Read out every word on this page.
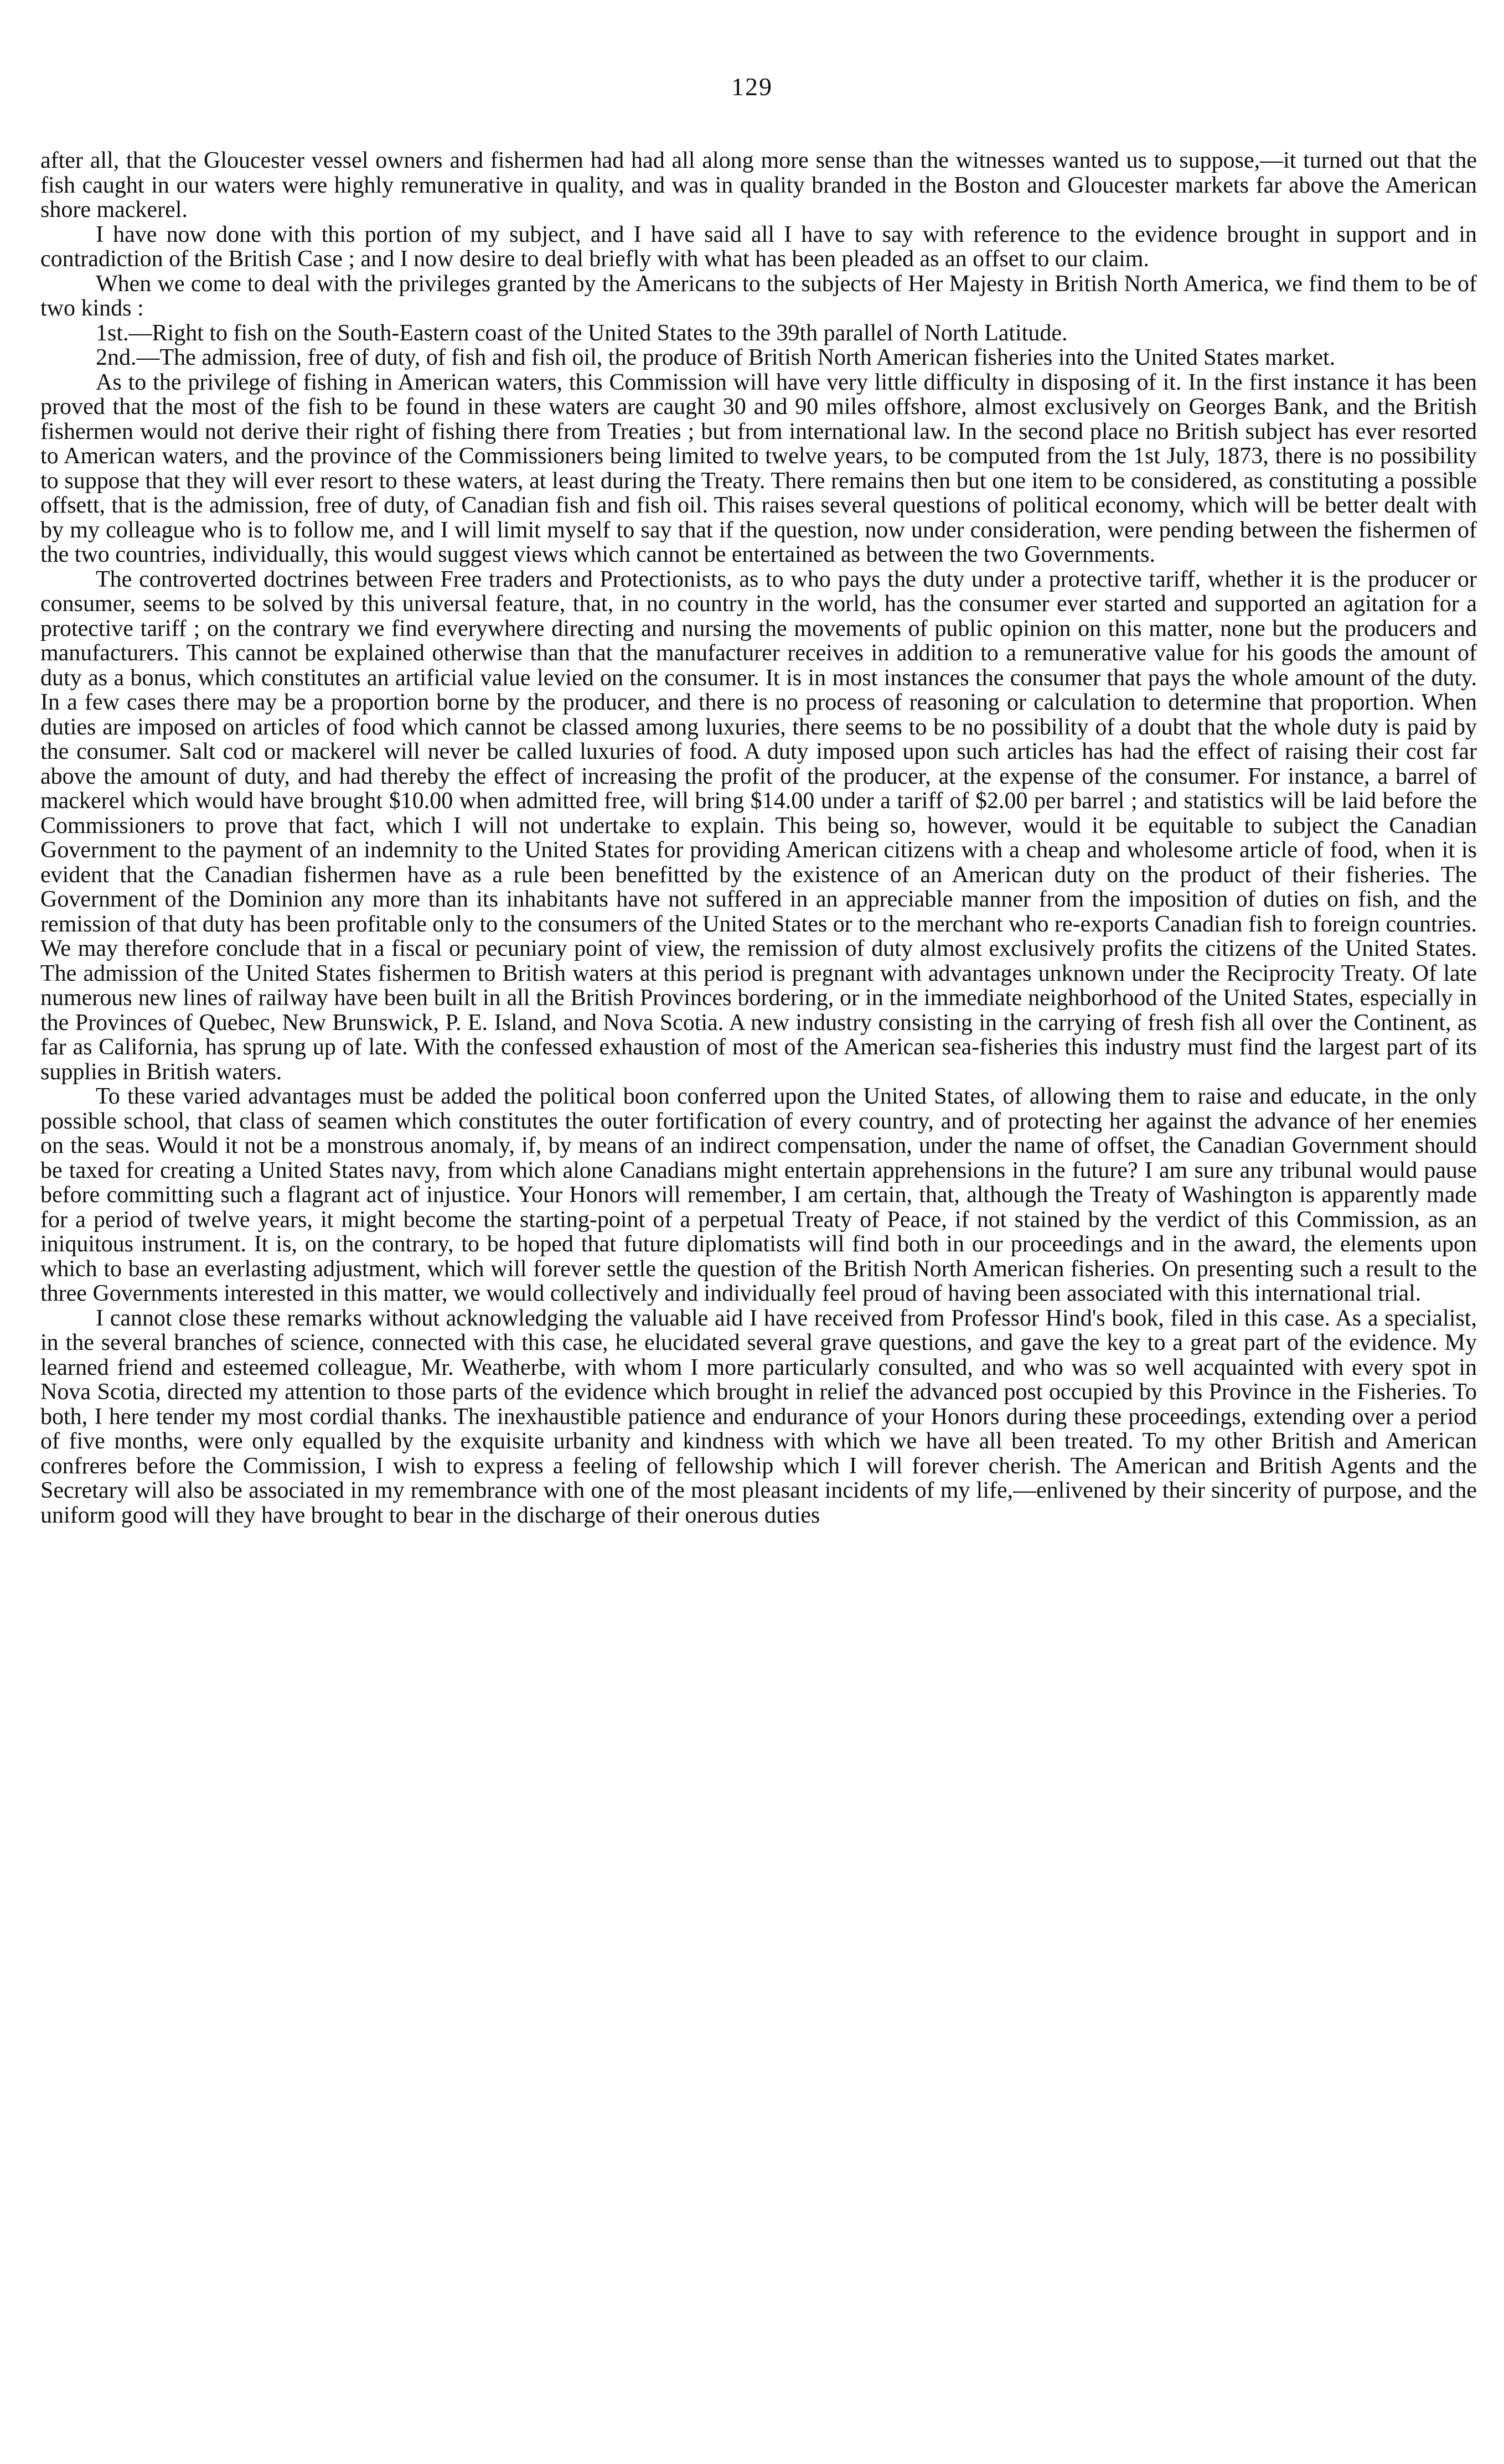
129

after all, that the Gloucester vessel owners and fishermen had had all along more sense than the witnesses wanted us to suppose,—it turned out that the fish caught in our waters were highly remunerative in quality, and was in quality branded in the Boston and Gloucester markets far above the American shore mackerel.

I have now done with this portion of my subject, and I have said all I have to say with reference to the evidence brought in support and in contradiction of the British Case ; and I now desire to deal briefly with what has been pleaded as an offset to our claim.

When we come to deal with the privileges granted by the Americans to the subjects of Her Majesty in British North America, we find them to be of two kinds :

1st.—Right to fish on the South-Eastern coast of the United States to the 39th parallel of North Latitude.

2nd.—The admission, free of duty, of fish and fish oil, the produce of British North American fisheries into the United States market.

As to the privilege of fishing in American waters, this Commission will have very little difficulty in disposing of it. In the first instance it has been proved that the most of the fish to be found in these waters are caught 30 and 90 miles offshore, almost exclusively on Georges Bank, and the British fishermen would not derive their right of fishing there from Treaties ; but from international law. In the second place no British subject has ever resorted to American waters, and the province of the Commissioners being limited to twelve years, to be computed from the 1st July, 1873, there is no possibility to suppose that they will ever resort to these waters, at least during the Treaty. There remains then but one item to be considered, as constituting a possible offsett, that is the admission, free of duty, of Canadian fish and fish oil. This raises several questions of political economy, which will be better dealt with by my colleague who is to follow me, and I will limit myself to say that if the question, now under consideration, were pending between the fishermen of the two countries, individually, this would suggest views which cannot be entertained as between the two Governments.

The controverted doctrines between Free traders and Protectionists, as to who pays the duty under a protective tariff, whether it is the producer or consumer, seems to be solved by this universal feature, that, in no country in the world, has the consumer ever started and supported an agitation for a protective tariff ; on the contrary we find everywhere directing and nursing the movements of public opinion on this matter, none but the producers and manufacturers. This cannot be explained otherwise than that the manufacturer receives in addition to a remunerative value for his goods the amount of duty as a bonus, which constitutes an artificial value levied on the consumer. It is in most instances the consumer that pays the whole amount of the duty. In a few cases there may be a proportion borne by the producer, and there is no process of reasoning or calculation to determine that proportion. When duties are imposed on articles of food which cannot be classed among luxuries, there seems to be no possibility of a doubt that the whole duty is paid by the consumer. Salt cod or mackerel will never be called luxuries of food. A duty imposed upon such articles has had the effect of raising their cost far above the amount of duty, and had thereby the effect of increasing the profit of the producer, at the expense of the consumer. For instance, a barrel of mackerel which would have brought $10.00 when admitted free, will bring $14.00 under a tariff of $2.00 per barrel ; and statistics will be laid before the Commissioners to prove that fact, which I will not undertake to explain. This being so, however, would it be equitable to subject the Canadian Government to the payment of an indemnity to the United States for providing American citizens with a cheap and wholesome article of food, when it is evident that the Canadian fishermen have as a rule been benefitted by the existence of an American duty on the product of their fisheries. The Government of the Dominion any more than its inhabitants have not suffered in an appreciable manner from the imposition of duties on fish, and the remission of that duty has been profitable only to the consumers of the United States or to the merchant who re-exports Canadian fish to foreign countries. We may therefore conclude that in a fiscal or pecuniary point of view, the remission of duty almost exclusively profits the citizens of the United States. The admission of the United States fishermen to British waters at this period is pregnant with advantages unknown under the Reciprocity Treaty. Of late numerous new lines of railway have been built in all the British Provinces bordering, or in the immediate neighborhood of the United States, especially in the Provinces of Quebec, New Brunswick, P. E. Island, and Nova Scotia. A new industry consisting in the carrying of fresh fish all over the Continent, as far as California, has sprung up of late. With the confessed exhaustion of most of the American sea-fisheries this industry must find the largest part of its supplies in British waters.

To these varied advantages must be added the political boon conferred upon the United States, of allowing them to raise and educate, in the only possible school, that class of seamen which constitutes the outer fortification of every country, and of protecting her against the advance of her enemies on the seas. Would it not be a monstrous anomaly, if, by means of an indirect compensation, under the name of offset, the Canadian Government should be taxed for creating a United States navy, from which alone Canadians might entertain apprehensions in the future? I am sure any tribunal would pause before committing such a flagrant act of injustice. Your Honors will remember, I am certain, that, although the Treaty of Washington is apparently made for a period of twelve years, it might become the starting-point of a perpetual Treaty of Peace, if not stained by the verdict of this Commission, as an iniquitous instrument. It is, on the contrary, to be hoped that future diplomatists will find both in our proceedings and in the award, the elements upon which to base an everlasting adjustment, which will forever settle the question of the British North American fisheries. On presenting such a result to the three Governments interested in this matter, we would collectively and individually feel proud of having been associated with this international trial.

I cannot close these remarks without acknowledging the valuable aid I have received from Professor Hind's book, filed in this case. As a specialist, in the several branches of science, connected with this case, he elucidated several grave questions, and gave the key to a great part of the evidence. My learned friend and esteemed colleague, Mr. Weatherbe, with whom I more particularly consulted, and who was so well acquainted with every spot in Nova Scotia, directed my attention to those parts of the evidence which brought in relief the advanced post occupied by this Province in the Fisheries. To both, I here tender my most cordial thanks. The inexhaustible patience and endurance of your Honors during these proceedings, extending over a period of five months, were only equalled by the exquisite urbanity and kindness with which we have all been treated. To my other British and American confreres before the Commission, I wish to express a feeling of fellowship which I will forever cherish. The American and British Agents and the Secretary will also be associated in my remembrance with one of the most pleasant incidents of my life,—enlivened by their sincerity of purpose, and the uniform good will they have brought to bear in the discharge of their onerous duties
